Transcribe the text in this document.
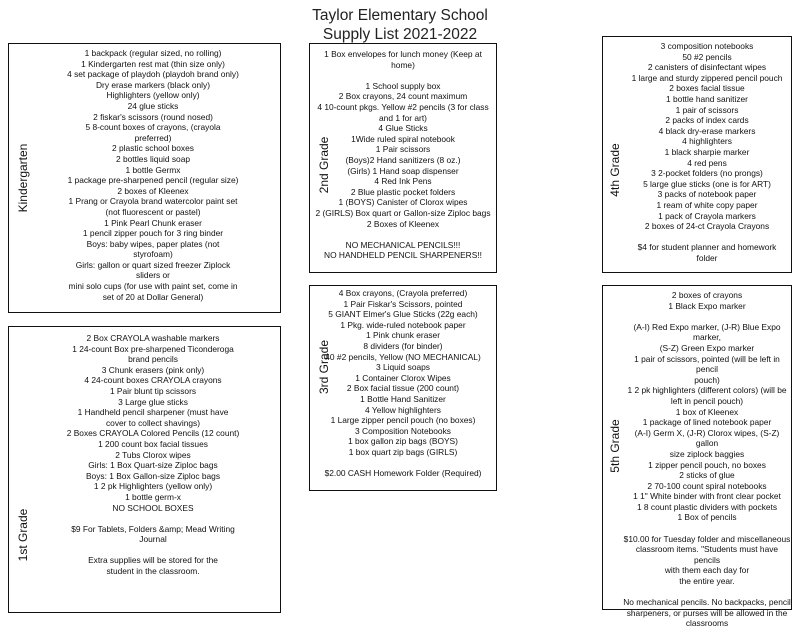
Taylor Elementary School
Supply List 2021-2022
Kindergarten
1 backpack (regular sized, no rolling)
1 Kindergarten rest mat (thin size only)
4 set package of playdoh (playdoh brand only)
Dry erase markers (black only)
Highlighters (yellow only)
24 glue sticks
2 fiskar's scissors (round nosed)
5 8-count boxes of crayons, (crayola
preferred)
2 plastic school boxes
2 bottles liquid soap
1 bottle Germx
1 package pre-sharpened pencil (regular size)
2 boxes of Kleenex
1 Prang or Crayola brand watercolor paint set
(not fluorescent or pastel)
1 Pink Pearl Chunk eraser
1 pencil zipper pouch for 3 ring binder
Boys: baby wipes, paper plates (not
styrofoam)
Girls: gallon or quart sized freezer Ziplock
sliders or
mini solo cups (for use with paint set, come in
set of 20 at Dollar General)
1st Grade
2 Box CRAYOLA washable markers
1 24-count Box pre-sharpened Ticonderoga
brand pencils
3 Chunk erasers (pink only)
4 24-count boxes CRAYOLA crayons
1 Pair blunt tip scissors
3 Large glue sticks
1 Handheld pencil sharpener (must have
cover to collect shavings)
2 Boxes CRAYOLA Colored Pencils (12 count)
1 200 count box facial tissues
2 Tubs Clorox wipes
Girls: 1 Box Quart-size Ziploc bags
Boys: 1 Box Gallon-size Ziploc bags
1 2 pk Highlighters (yellow only)
1 bottle germ-x
NO SCHOOL BOXES
$9 For Tablets, Folders &amp; Mead Writing
Journal
Extra supplies will be stored for the
student in the classroom.
2nd Grade
1 Box envelopes for lunch money (Keep at
home)
1 School supply box
2 Box crayons, 24 count maximum
4 10-count pkgs. Yellow #2 pencils (3 for class
and 1 for art)
4 Glue Sticks
1Wide ruled spiral notebook
1 Pair scissors
(Boys)2 Hand sanitizers (8 oz.)
(Girls) 1 Hand soap dispenser
4 Red Ink Pens
2 Blue plastic pocket folders
1 (BOYS) Canister of Clorox wipes
2 (GIRLS) Box quart or Gallon-size Ziploc bags
2 Boxes of Kleenex
NO MECHANICAL PENCILS!!!
NO HANDHELD PENCIL SHARPENERS!!
3rd Grade
4 Box crayons, (Crayola preferred)
1 Pair Fiskar's Scissors, pointed
5 GIANT Elmer's Glue Sticks (22g each)
1 Pkg. wide-ruled notebook paper
1 Pink chunk eraser
8 dividers (for binder)
40 #2 pencils, Yellow (NO MECHANICAL)
3 Liquid soaps
1 Container Clorox Wipes
2 Box facial tissue (200 count)
1 Bottle Hand Sanitizer
4 Yellow highlighters
1 Large zipper pencil pouch (no boxes)
3 Composition Notebooks
1 box gallon zip bags (BOYS)
1 box quart zip bags (GIRLS)
$2.00 CASH Homework Folder (Required)
4th Grade
3 composition notebooks
50 #2 pencils
2 canisters of disinfectant wipes
1 large and sturdy zippered pencil pouch
2 boxes facial tissue
1 bottle hand sanitizer
1 pair of scissors
2 packs of index cards
4 black dry-erase markers
4 highlighters
1 black sharpie marker
4 red pens
3 2-pocket folders (no prongs)
5 large glue sticks (one is for ART)
3 packs of notebook paper
1 ream of white copy paper
1 pack of Crayola markers
2 boxes of 24-ct Crayola Crayons
$4 for student planner and homework
folder
5th Grade
2 boxes of crayons
1 Black Expo marker
(A-I) Red Expo marker, (J-R) Blue Expo marker,
(S-Z) Green Expo marker
1 pair of scissors, pointed (will be left in pencil
pouch)
1 2 pk highlighters (different colors) (will be
left in pencil pouch)
1 box of Kleenex
1 package of lined notebook paper
(A-I) Germ X, (J-R) Clorox wipes, (S-Z) gallon
size ziplock baggies
1 zipper pencil pouch, no boxes
2 sticks of glue
2 70-100 count spiral notebooks
1 1" White binder with front clear pocket
1 8 count plastic dividers with pockets
1 Box of pencils
$10.00 for Tuesday folder and miscellaneous
classroom items. "Students must have pencils
with them each day for
the entire year.
No mechanical pencils. No backpacks, pencil
sharpeners, or purses will be allowed in the
classrooms
